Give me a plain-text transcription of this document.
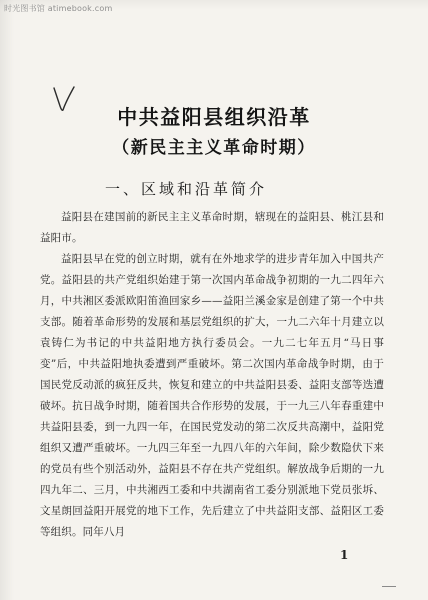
时光图书馆 atimebook.com
中共益阳县组织沿革
（新民主主义革命时期）
一、区域和沿革简介

益阳县在建国前的新民主主义革命时期，辖现在的益阳县、桃江县和益阳市。

益阳县早在党的创立时期，就有在外地求学的进步青年加入中国共产党。益阳县的共产党组织始建于第一次国内革命战争初期的一九二四年六月，中共湘区委派欧阳笛渔回家乡——益阳兰溪金家是创建了第一个中共支部。随着革命形势的发展和基层党组织的扩大，一九二六年十月建立以袁铸仁为书记的中共益阳地方执行委员会。一九二七年五月“马日事变”后，中共益阳地执委遭到严重破坏。第二次国内革命战争时期，由于国民党反动派的疯狂反共，恢复和建立的中共益阳县委、益阳支部等迭遭破坏。抗日战争时期，随着国共合作形势的发展，于一九三八年春重建中共益阳县委，到一九四一年，在国民党发动的第二次反共高潮中，益阳党组织又遭严重破坏。一九四三年至一九四八年的六年间，除少数隐伏下来的党员有些个别活动外，益阳县不存在共产党组织。解放战争后期的一九四九年二、三月，中共湘西工委和中共湖南省工委分别派地下党员张坼、文星朗回益阳开展党的地下工作，先后建立了中共益阳支部、益阳区工委等组织。同年八月

1
